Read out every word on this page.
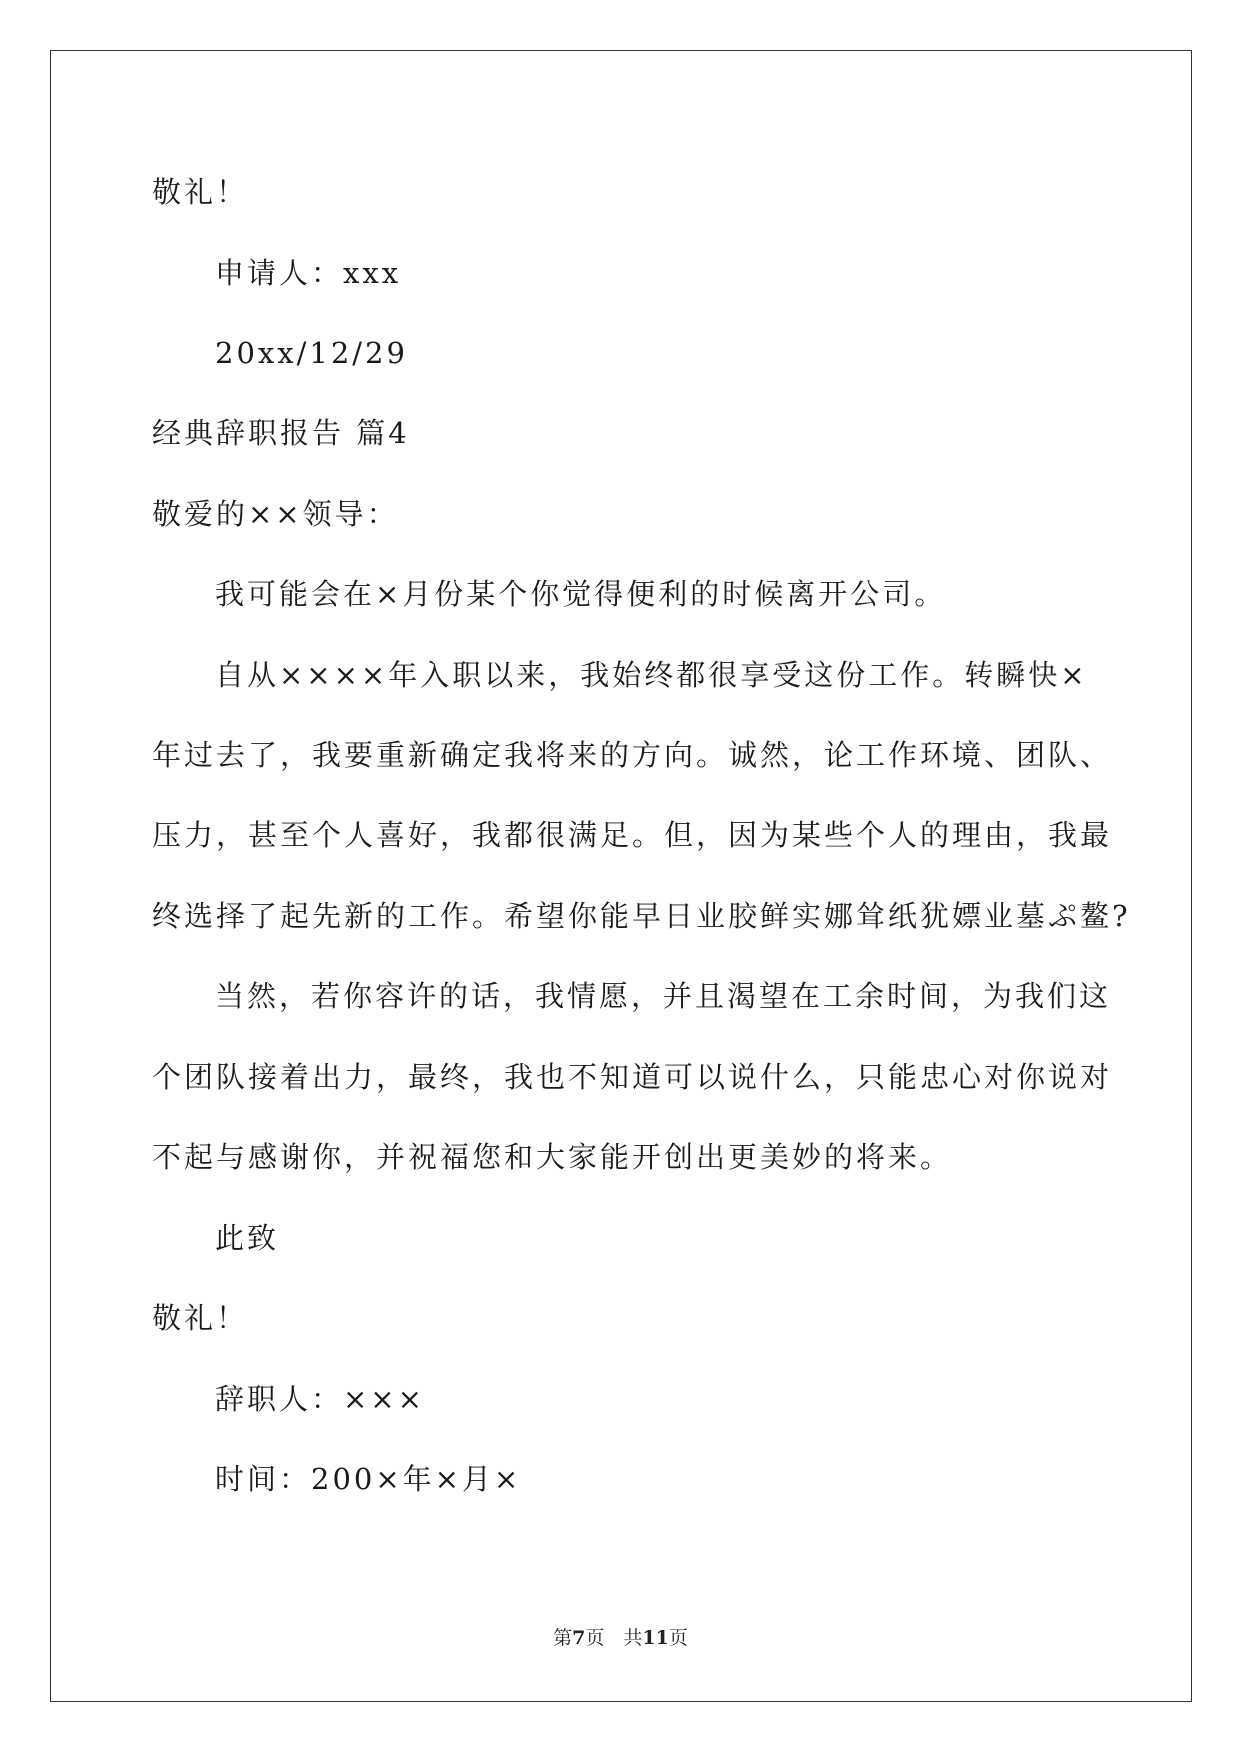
敬礼！

申请人：xxx

20xx/12/29

经典辞职报告 篇4

敬爱的××领导：

我可能会在×月份某个你觉得便利的时候离开公司。

自从××××年入职以来，我始终都很享受这份工作。转瞬快×

年过去了，我要重新确定我将来的方向。诚然，论工作环境、团队、

压力，甚至个人喜好，我都很满足。但，因为某些个人的理由，我最

终选择了起先新的工作。希望你能早日业胶鲜实娜耸纸犹嫖业墓ぷ鳌?

当然，若你容许的话，我情愿，并且渴望在工余时间，为我们这

个团队接着出力，最终，我也不知道可以说什么，只能忠心对你说对

不起与感谢你，并祝福您和大家能开创出更美妙的将来。

此致

敬礼！

辞职人：×××

时间：200×年×月×

第7页　共11页
